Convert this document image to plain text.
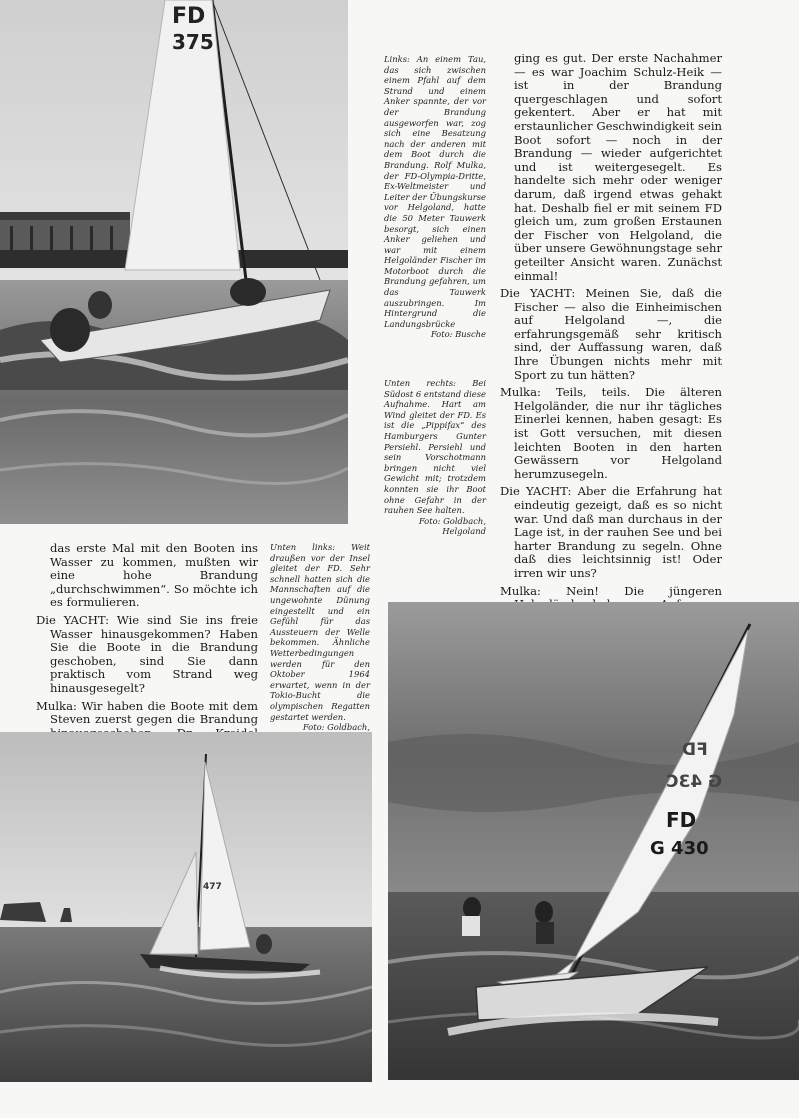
FD
375
Links: An einem Tau, das sich zwischen einem Pfahl auf dem Strand und einem Anker spannte, der vor der Brandung ausgeworfen war, zog sich eine Besatzung nach der anderen mit dem Boot durch die Brandung. Rolf Mulka, der FD-Olympia-Dritte, Ex-Weltmeister und Leiter der Übungskurse vor Helgoland, hatte die 50 Meter Tauwerk besorgt, sich einen Anker geliehen und war mit einem Helgoländer Fischer im Motorboot durch die Brandung gefahren, um das Tauwerk auszubringen. Im Hintergrund die Landungsbrücke
Foto: Busche
Unten rechts: Bei Südost 6 entstand diese Aufnahme. Hart am Wind gleitet der FD. Es ist die „Pippifax“ des Hamburgers Gunter Persiehl. Persiehl und sein Vorschotmann bringen nicht viel Gewicht mit; trotzdem konnten sie ihr Boot ohne Gefahr in der rauhen See halten.
Foto: Goldbach, Helgoland

ging es gut. Der erste Nachahmer — es war Joachim Schulz-Heik — ist in der Brandung quergeschlagen und sofort gekentert. Aber er hat mit erstaunlicher Geschwindigkeit sein Boot sofort — noch in der Brandung — wieder aufgerichtet und ist weitergesegelt. Es handelte sich mehr oder weniger darum, daß irgend etwas gehakt hat. Deshalb fiel er mit seinem FD gleich um, zum großen Erstaunen der Fischer von Helgoland, die über unsere Gewöhnungstage sehr geteilter Ansicht waren. Zunächst einmal!

Die YACHT: Meinen Sie, daß die Fischer — also die Einheimischen auf Helgoland —, die erfahrungsgemäß sehr kritisch sind, der Auffassung waren, daß Ihre Übungen nichts mehr mit Sport zu tun hätten?

Mulka: Teils, teils. Die älteren Helgoländer, die nur ihr tägliches Einerlei kennen, haben gesagt: Es ist Gott versuchen, mit diesen leichten Booten in den harten Gewässern vor Helgoland herumzusegeln.

Die YACHT: Aber die Erfahrung hat eindeutig gezeigt, daß es so nicht war. Und daß man durchaus in der Lage ist, in der rauhen See und bei harter Brandung zu segeln. Ohne daß dies leichtsinnig ist! Oder irren wir uns?

Mulka: Nein! Die jüngeren

das erste Mal mit den Booten ins Wasser zu kommen, mußten wir eine hohe Brandung „durchschwimmen“. So möchte ich es formulieren.

Die YACHT: Wie sind Sie ins freie Wasser hinausgekommen? Haben Sie die Boote in die Brandung geschoben, sind Sie dann praktisch vom Strand weg hinausgesegelt?

Mulka: Wir haben die Boote mit dem Steven zuerst gegen die Brandung

Unten links: Weit draußen vor der Insel gleitet der FD. Sehr schnell hatten sich die Mannschaften auf die ungewohnte Dünung eingestellt und ein Gefühl für das Aussteuern der Welle bekommen. Ähnliche Wetterbedingungen werden für den Oktober 1964 erwartet, wenn in der Tokio-Bucht die olympischen Regatten gestartet werden.
Foto: Goldbach,
477
FD
G 43C
FD
G 430
